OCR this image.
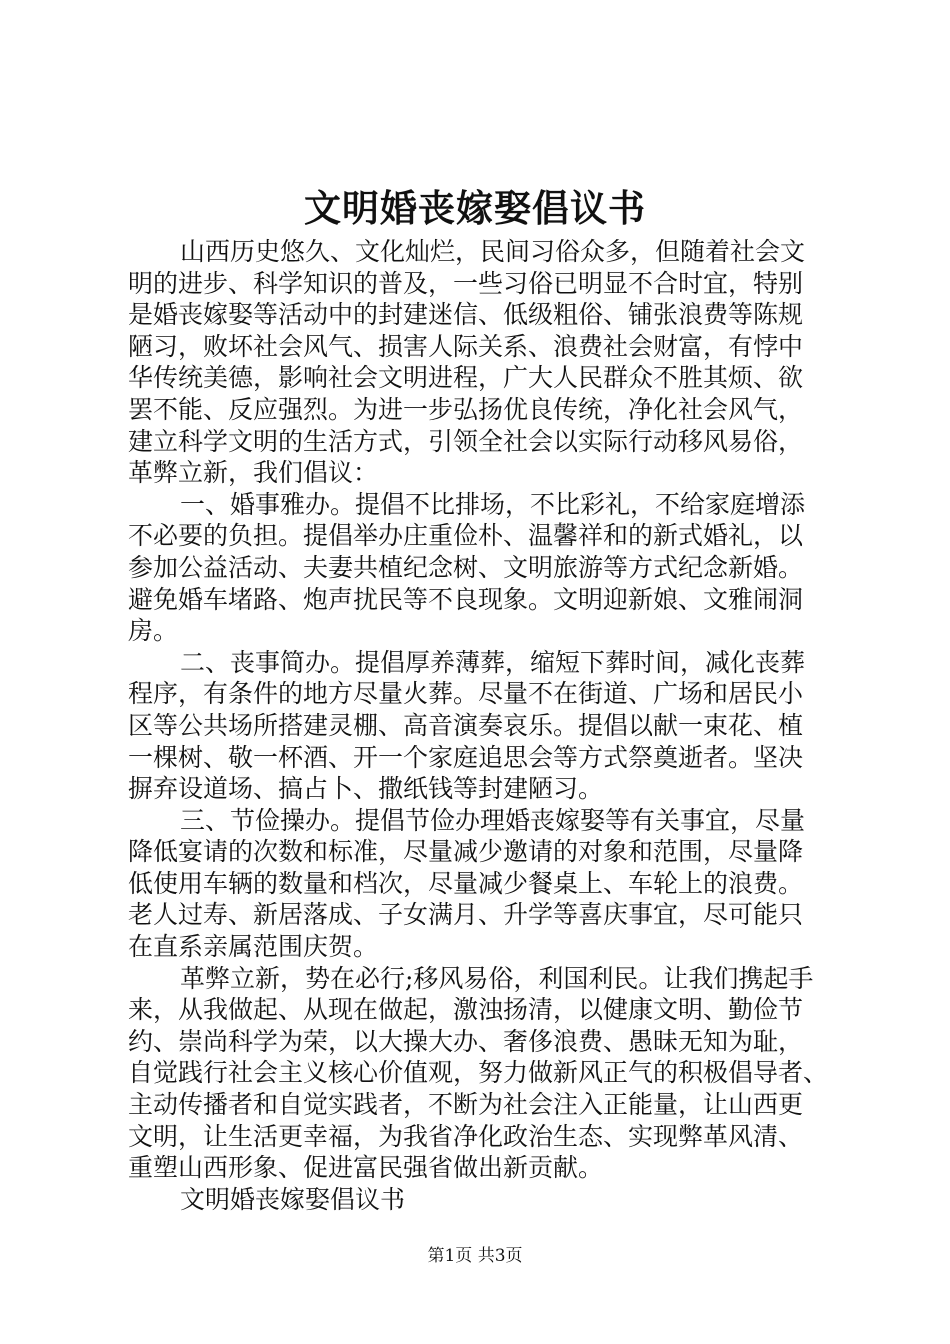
文明婚丧嫁娶倡议书
山西历史悠久、文化灿烂，民间习俗众多，但随着社会文
明的进步、科学知识的普及，一些习俗已明显不合时宜，特别
是婚丧嫁娶等活动中的封建迷信、低级粗俗、铺张浪费等陈规
陋习，败坏社会风气、损害人际关系、浪费社会财富，有悖中
华传统美德，影响社会文明进程，广大人民群众不胜其烦、欲
罢不能、反应强烈。为进一步弘扬优良传统，净化社会风气，
建立科学文明的生活方式，引领全社会以实际行动移风易俗，
革弊立新，我们倡议：
一、婚事雅办。提倡不比排场，不比彩礼，不给家庭增添
不必要的负担。提倡举办庄重俭朴、温馨祥和的新式婚礼，以
参加公益活动、夫妻共植纪念树、文明旅游等方式纪念新婚。
避免婚车堵路、炮声扰民等不良现象。文明迎新娘、文雅闹洞
房。
二、丧事简办。提倡厚养薄葬，缩短下葬时间，减化丧葬
程序，有条件的地方尽量火葬。尽量不在街道、广场和居民小
区等公共场所搭建灵棚、高音演奏哀乐。提倡以献一束花、植
一棵树、敬一杯酒、开一个家庭追思会等方式祭奠逝者。坚决
摒弃设道场、搞占卜、撒纸钱等封建陋习。
三、节俭操办。提倡节俭办理婚丧嫁娶等有关事宜，尽量
降低宴请的次数和标准，尽量减少邀请的对象和范围，尽量降
低使用车辆的数量和档次，尽量减少餐桌上、车轮上的浪费。
老人过寿、新居落成、子女满月、升学等喜庆事宜，尽可能只
在直系亲属范围庆贺。
革弊立新，势在必行;移风易俗，利国利民。让我们携起手
来，从我做起、从现在做起，激浊扬清，以健康文明、勤俭节
约、崇尚科学为荣，以大操大办、奢侈浪费、愚昧无知为耻，
自觉践行社会主义核心价值观，努力做新风正气的积极倡导者、
主动传播者和自觉实践者，不断为社会注入正能量，让山西更
文明，让生活更幸福，为我省净化政治生态、实现弊革风清、
重塑山西形象、促进富民强省做出新贡献。
文明婚丧嫁娶倡议书
第1页 共3页
